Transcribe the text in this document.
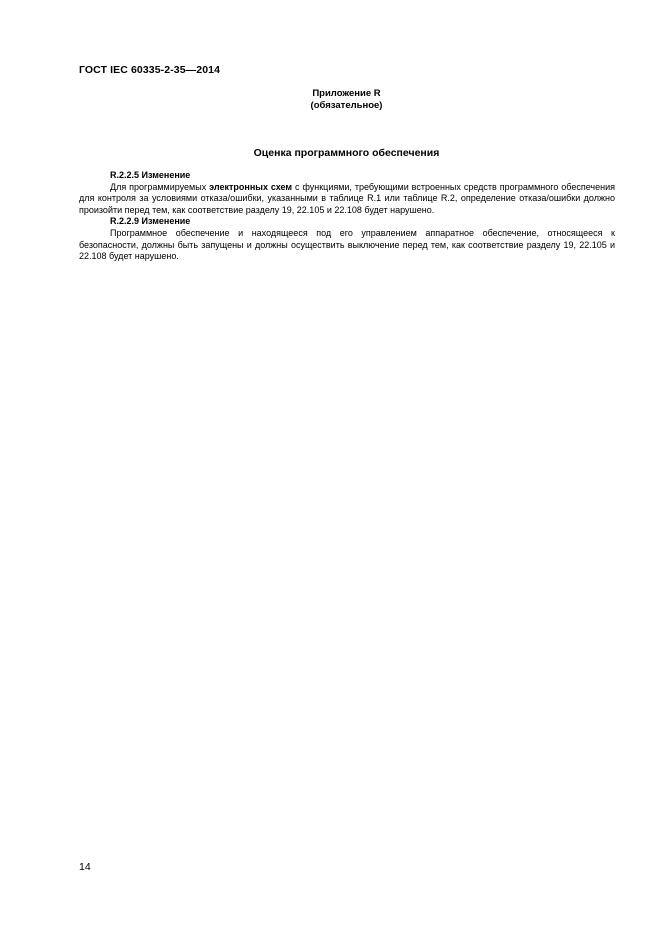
ГОСТ IEC 60335-2-35—2014
Приложение R
(обязательное)
Оценка программного обеспечения

R.2.2.5 Изменение

Для программируемых электронных схем с функциями, требующими встроенных средств программного обеспечения для контроля за условиями отказа/ошибки, указанными в таблице R.1 или таблице R.2, определение отказа/ошибки должно произойти перед тем, как соответствие разделу 19, 22.105 и 22.108 будет нарушено.

R.2.2.9 Изменение

Программное обеспечение и находящееся под его управлением аппаратное обеспечение, относящееся к безопасности, должны быть запущены и должны осуществить выключение перед тем, как соответствие разделу 19, 22.105 и 22.108 будет нарушено.

14
